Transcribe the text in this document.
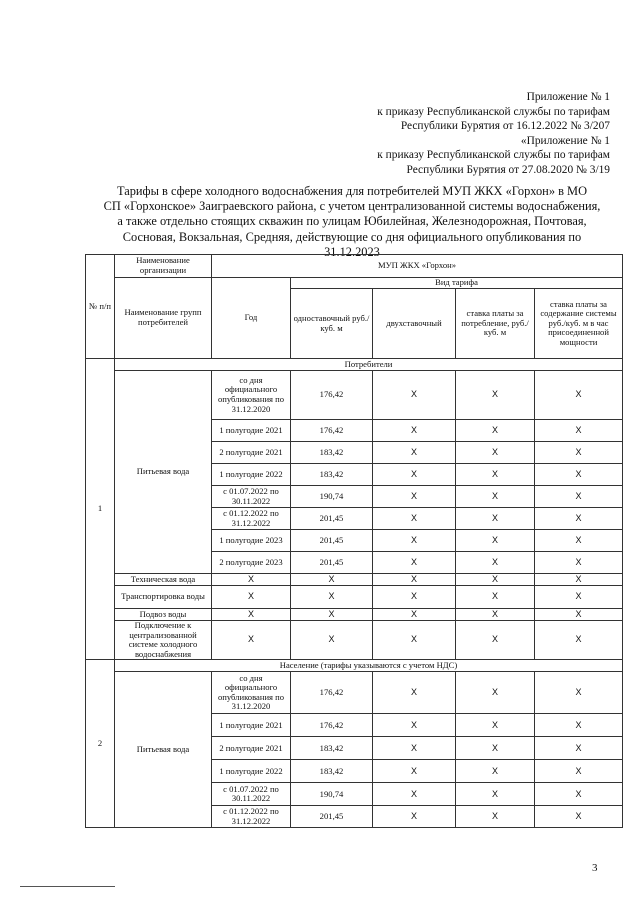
Приложение № 1
к приказу Республиканской службы по тарифам
Республики Бурятия от 16.12.2022 № 3/207
«Приложение № 1
к приказу Республиканской службы по тарифам
Республики Бурятия от 27.08.2020 № 3/19
Тарифы в сфере холодного водоснабжения для потребителей МУП ЖКХ «Горхон» в МО
СП «Горхонское» Заиграевского района, с учетом централизованной системы водоснабжения,
а также отдельно стоящих скважин по улицам Юбилейная, Железнодорожная, Почтовая,
Сосновая, Вокзальная, Средняя, действующие со дня официального опубликования по
31.12.2023
№ п/п	Наименование организации	МУП ЖКХ «Горхон»				
	Наименование групп потребителей	Год	Вид тарифа			
			одноставочный руб./ куб. м	двухставочный	ставка платы за потребление, руб./ куб. м	ставка платы за содержание системы руб./куб. м в час присоединенной мощности
1	Потребители					
	Питьевая вода	со дня официального опубликования по 31.12.2020	176,42	X	X	X
		1 полугодие 2021	176,42	X	X	X
		2 полугодие 2021	183,42	X	X	X
		1 полугодие 2022	183,42	X	X	X
		с 01.07.2022 по 30.11.2022	190,74	X	X	X
		с 01.12.2022 по 31.12.2022	201,45	X	X	X
		1 полугодие 2023	201,45	X	X	X
		2 полугодие 2023	201,45	X	X	X
	Техническая вода	X	X	X	X	X
	Транспортировка воды	X	X	X	X	X
	Подвоз воды	X	X	X	X	X
	Подключение к централизованной системе холодного водоснабжения	X	X	X	X	X
2	Население (тарифы указываются с учетом НДС)					
	Питьевая вода	со дня официального опубликования по 31.12.2020	176,42	X	X	X
		1 полугодие 2021	176,42	X	X	X
		2 полугодие 2021	183,42	X	X	X
		1 полугодие 2022	183,42	X	X	X
		с 01.07.2022 по 30.11.2022	190,74	X	X	X
		с 01.12.2022 по 31.12.2022	201,45	X	X	X
3
